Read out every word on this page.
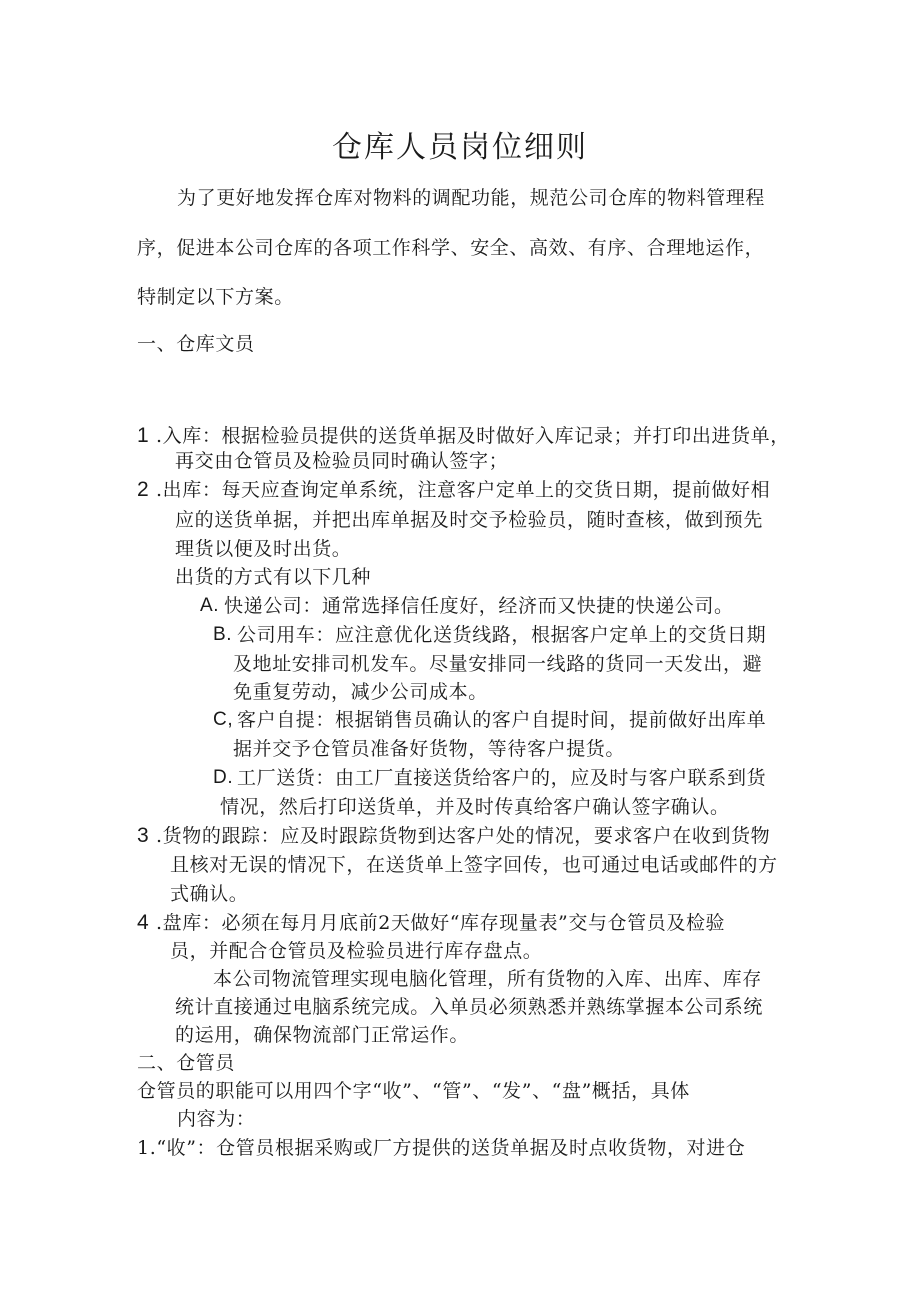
仓库人员岗位细则
为了更好地发挥仓库对物料的调配功能，规范公司仓库的物料管理程
序，促进本公司仓库的各项工作科学、安全、高效、有序、合理地运作，
特制定以下方案。
一、仓库文员
1 .入库：根据检验员提供的送货单据及时做好入库记录；并打印出进货单，
再交由仓管员及检验员同时确认签字；
2 .出库：每天应查询定单系统，注意客户定单上的交货日期，提前做好相
应的送货单据，并把出库单据及时交予检验员，随时查核，做到预先
理货以便及时出货。
出货的方式有以下几种
A. 快递公司：通常选择信任度好，经济而又快捷的快递公司。
B. 公司用车：应注意优化送货线路，根据客户定单上的交货日期
及地址安排司机发车。尽量安排同一线路的货同一天发出，避
免重复劳动，减少公司成本。
C, 客户自提：根据销售员确认的客户自提时间，提前做好出库单
据并交予仓管员准备好货物，等待客户提货。
D. 工厂送货：由工厂直接送货给客户的，应及时与客户联系到货
情况，然后打印送货单，并及时传真给客户确认签字确认。
3 .货物的跟踪：应及时跟踪货物到达客户处的情况，要求客户在收到货物
且核对无误的情况下，在送货单上签字回传，也可通过电话或邮件的方
式确认。
4 .盘库：必须在每月月底前2天做好“库存现量表”交与仓管员及检验
员，并配合仓管员及检验员进行库存盘点。
本公司物流管理实现电脑化管理，所有货物的入库、出库、库存
统计直接通过电脑系统完成。入单员必须熟悉并熟练掌握本公司系统
的运用，确保物流部门正常运作。
二、仓管员
仓管员的职能可以用四个字“收”、“管”、“发”、“盘”概括，具体
内容为：
1.“收”：仓管员根据采购或厂方提供的送货单据及时点收货物，对进仓
